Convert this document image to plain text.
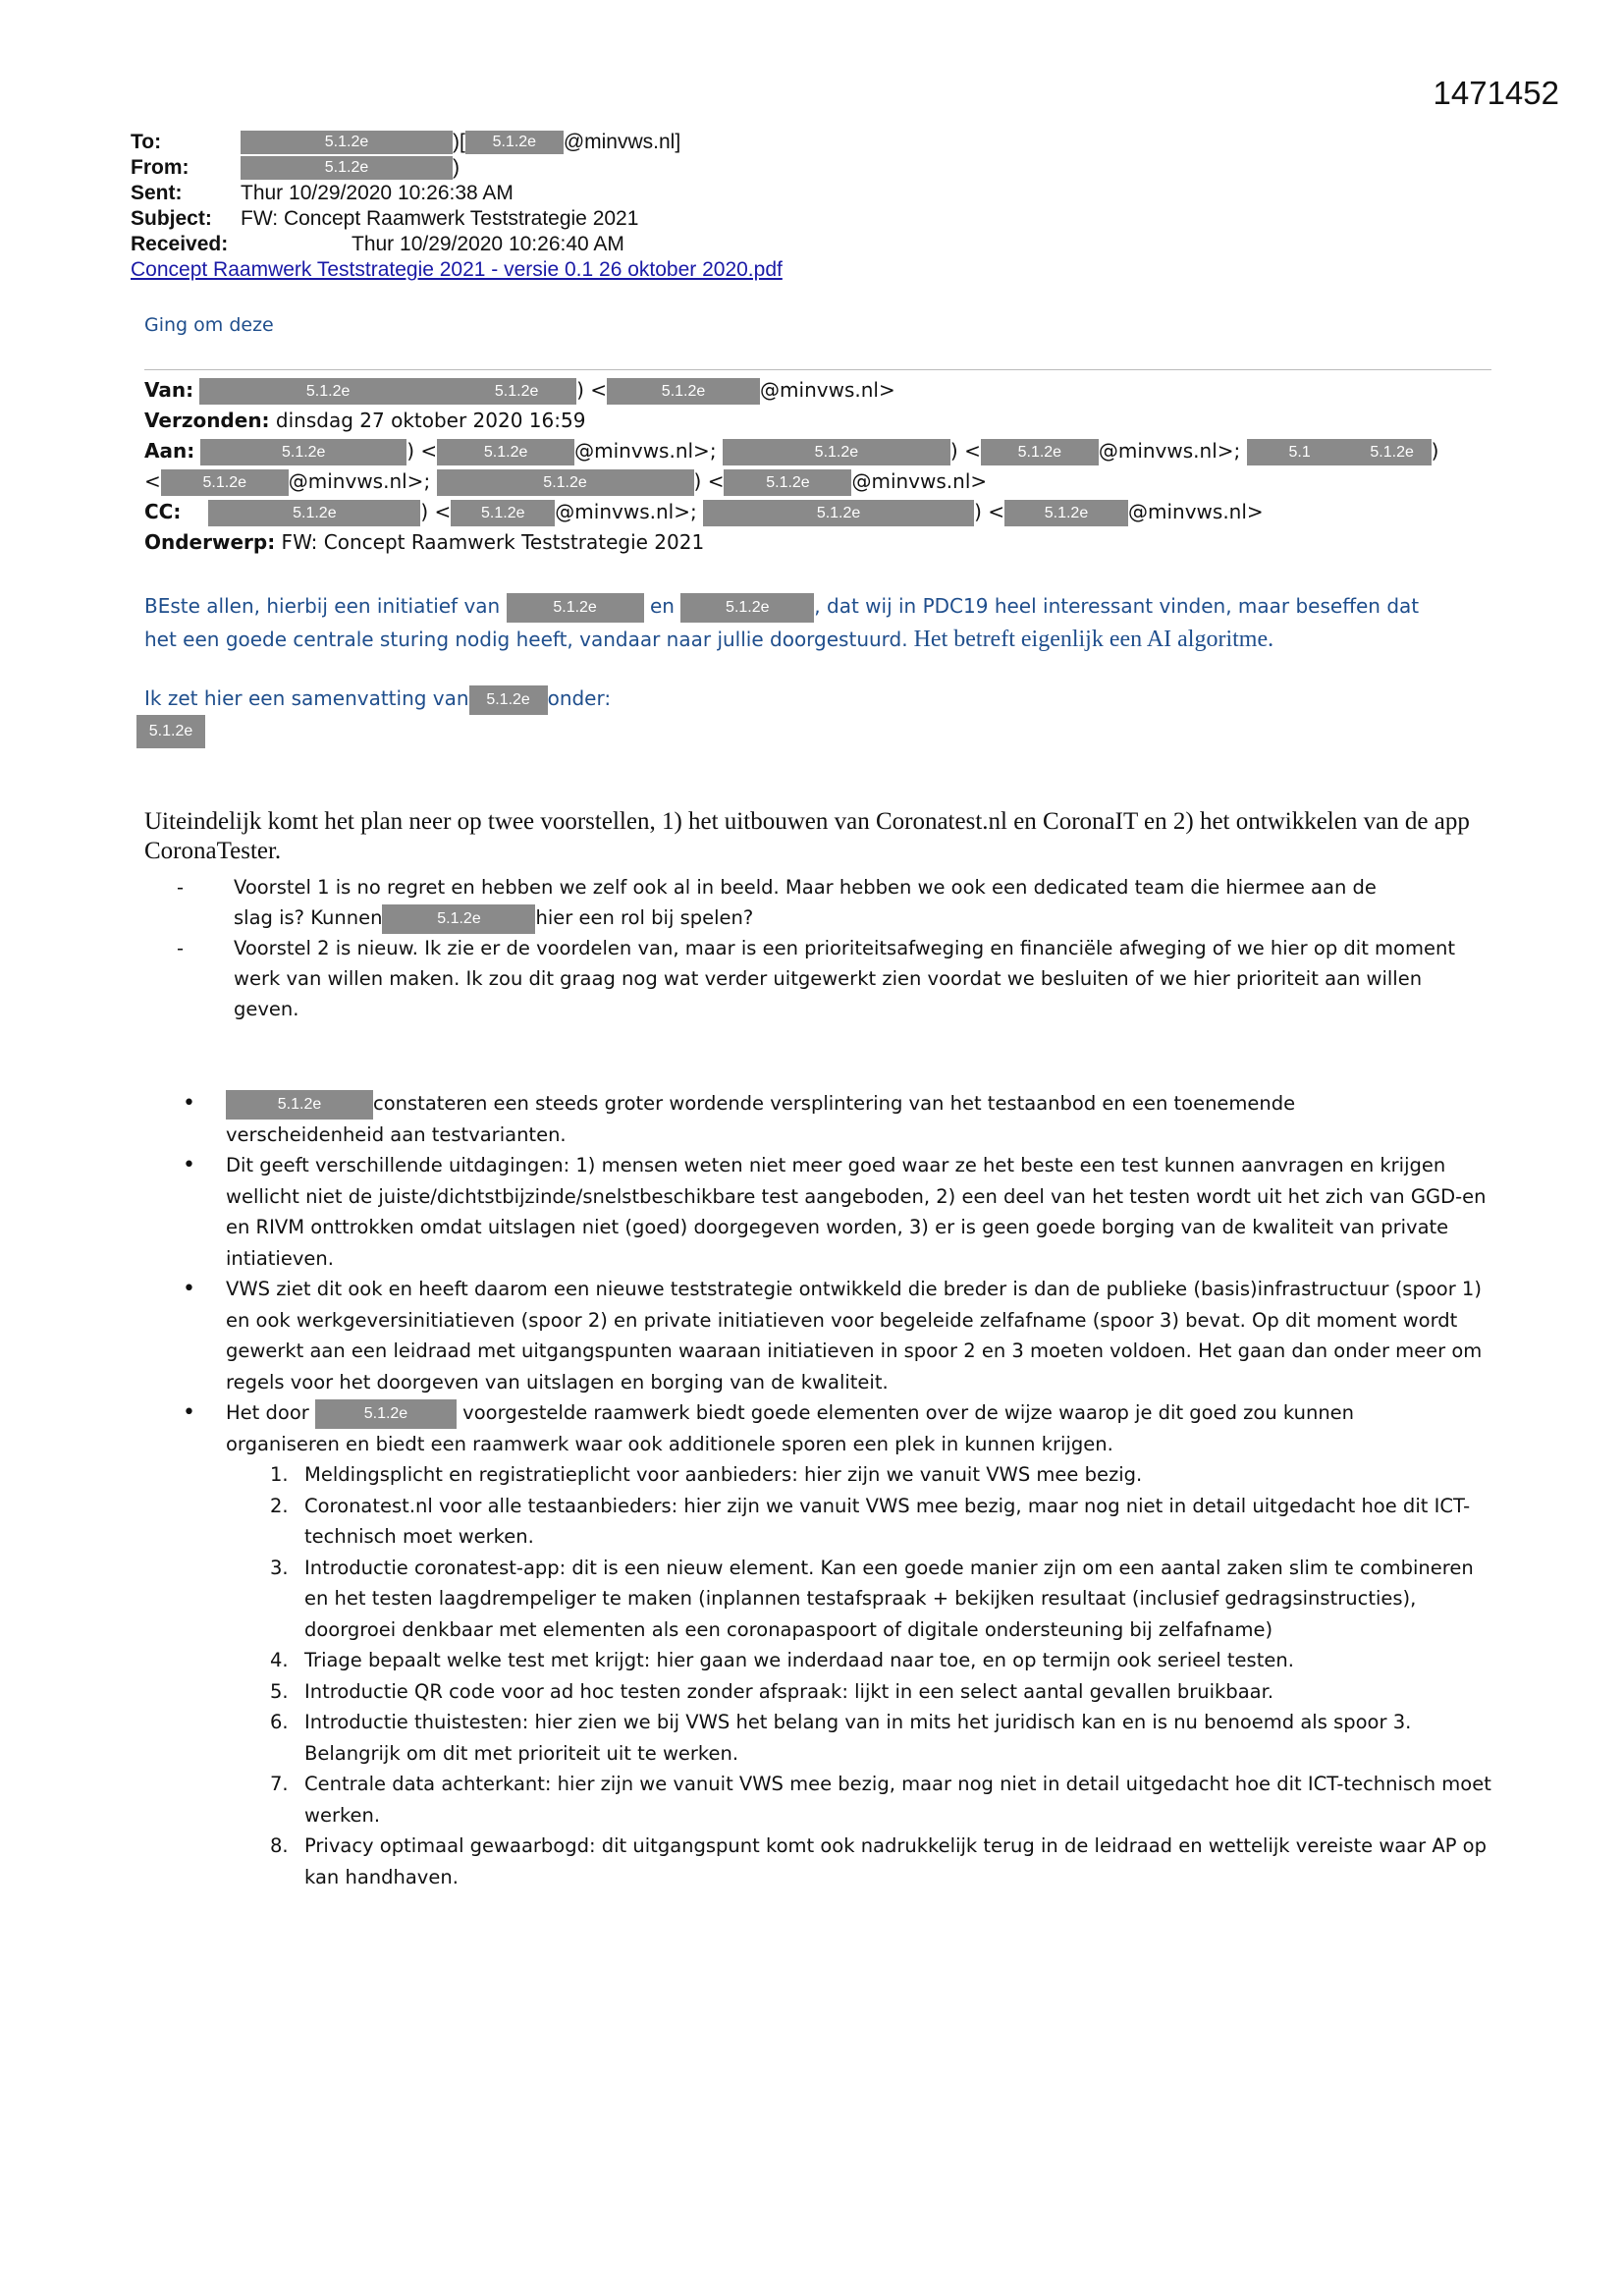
1471452
To:	5.1.2e	)[ 5.1.2e @minvws.nl]
From:	5.1.2e	)
Sent:	Thur 10/29/2020 10:26:38 AM
Subject: FW: Concept Raamwerk Teststrategie 2021
Received:	Thur 10/29/2020 10:26:40 AM
Concept Raamwerk Teststrategie 2021 - versie 0.1 26 oktober 2020.pdf
Ging om deze
Van:	5.1.2e	5.1.2e ) <	5.1.2e	@minvws.nl>
Verzonden: dinsdag 27 oktober 2020 16:59
Aan:	5.1.2e	) <	5.1.2e @minvws.nl>;	5.1.2e	) < 5.1.2e @minvws.nl>;	5.1	5.1.2e )
<	5.1.2e @minvws.nl>;	5.1.2e	) <	5.1.2e @minvws.nl>
CC:	5.1.2e	) < 5.1.2e @minvws.nl>;	5.1.2e	) <	5.1.2e @minvws.nl>
Onderwerp: FW: Concept Raamwerk Teststrategie 2021
BEste allen, hierbij een initiatief van	5.1.2e	en	5.1.2e , dat wij in PDC19 heel interessant vinden, maar beseffen dat
het een goede centrale sturing nodig heeft, vandaar naar jullie doorgestuurd. Het betreft eigenlijk een AI algoritme.
Ik zet hier een samenvatting van 5.1.2e onder:
5.1.2e
Uiteindelijk komt het plan neer op twee voorstellen, 1) het uitbouwen van Coronatest.nl en CoronaIT en 2) het ontwikkelen van de app CoronaTester.
-	Voorstel 1 is no regret en hebben we zelf ook al in beeld. Maar hebben we ook een dedicated team die hiermee aan de
slag is? Kunnen	5.1.2e	hier een rol bij spelen?
-	Voorstel 2 is nieuw. Ik zie er de voordelen van, maar is een prioriteitsafweging en financiële afweging of we hier op dit moment werk van willen maken. Ik zou dit graag nog wat verder uitgewerkt zien voordat we besluiten of we hier prioriteit aan willen geven.
•	5.1.2e	constateren een steeds groter wordende versplintering van het testaanbod en een toenemende
verscheidenheid aan testvarianten.
• Dit geeft verschillende uitdagingen: 1) mensen weten niet meer goed waar ze het beste een test kunnen aanvragen en krijgen wellicht niet de juiste/dichtstbijzinde/snelstbeschikbare test aangeboden, 2) een deel van het testen wordt uit het zich van GGD-en en RIVM onttrokken omdat uitslagen niet (goed) doorgegeven worden, 3) er is geen goede borging van de kwaliteit van private intiatieven.
• VWS ziet dit ook en heeft daarom een nieuwe teststrategie ontwikkeld die breder is dan de publieke (basis)infrastructuur (spoor 1) en ook werkgeversinitiatieven (spoor 2) en private initiatieven voor begeleide zelfafname (spoor 3) bevat. Op dit moment wordt gewerkt aan een leidraad met uitgangspunten waaraan initiatieven in spoor 2 en 3 moeten voldoen. Het gaan dan onder meer om regels voor het doorgeven van uitslagen en borging van de kwaliteit.
• Het door	5.1.2e	voorgestelde raamwerk biedt goede elementen over de wijze waarop je dit goed zou kunnen
organiseren en biedt een raamwerk waar ook additionele sporen een plek in kunnen krijgen.
1. Meldingsplicht en registratieplicht voor aanbieders: hier zijn we vanuit VWS mee bezig.
2. Coronatest.nl voor alle testaanbieders: hier zijn we vanuit VWS mee bezig, maar nog niet in detail uitgedacht hoe dit ICT-technisch moet werken.
3. Introductie coronatest-app: dit is een nieuw element. Kan een goede manier zijn om een aantal zaken slim te combineren en het testen laagdrempeliger te maken (inplannen testafspraak + bekijken resultaat (inclusief gedragsinstructies), doorgroei denkbaar met elementen als een coronapaspoort of digitale ondersteuning bij zelfafname)
4. Triage bepaalt welke test met krijgt: hier gaan we inderdaad naar toe, en op termijn ook serieel testen.
5. Introductie QR code voor ad hoc testen zonder afspraak: lijkt in een select aantal gevallen bruikbaar.
6. Introductie thuistesten: hier zien we bij VWS het belang van in mits het juridisch kan en is nu benoemd als spoor 3. Belangrijk om dit met prioriteit uit te werken.
7. Centrale data achterkant: hier zijn we vanuit VWS mee bezig, maar nog niet in detail uitgedacht hoe dit ICT-technisch moet werken.
8. Privacy optimaal gewaarbogd: dit uitgangspunt komt ook nadrukkelijk terug in de leidraad en wettelijk vereiste waar AP op kan handhaven.
